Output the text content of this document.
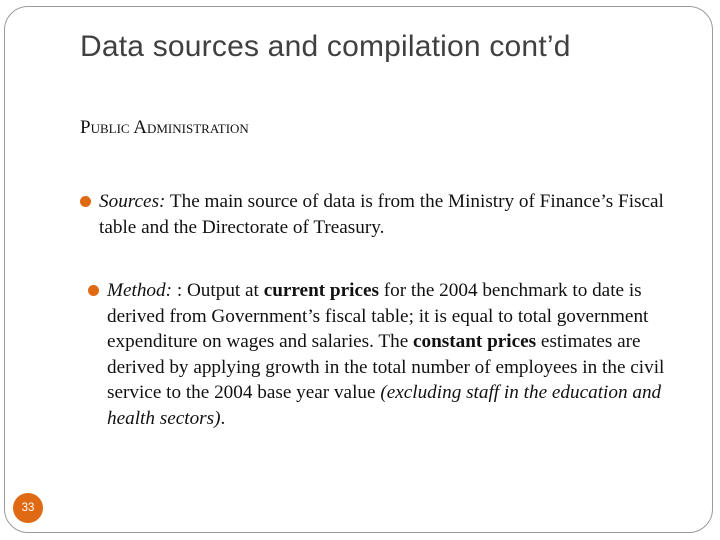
Data sources and compilation cont’d
Public Administration
Sources: The main source of data is from the Ministry of Finance’s Fiscal table and the Directorate of Treasury.
Method: : Output at current prices for the 2004 benchmark to date is derived from Government’s fiscal table; it is equal to total government expenditure on wages and salaries. The constant prices estimates are derived by applying growth in the total number of employees in the civil service to the 2004 base year value (excluding staff in the education and health sectors).
33
